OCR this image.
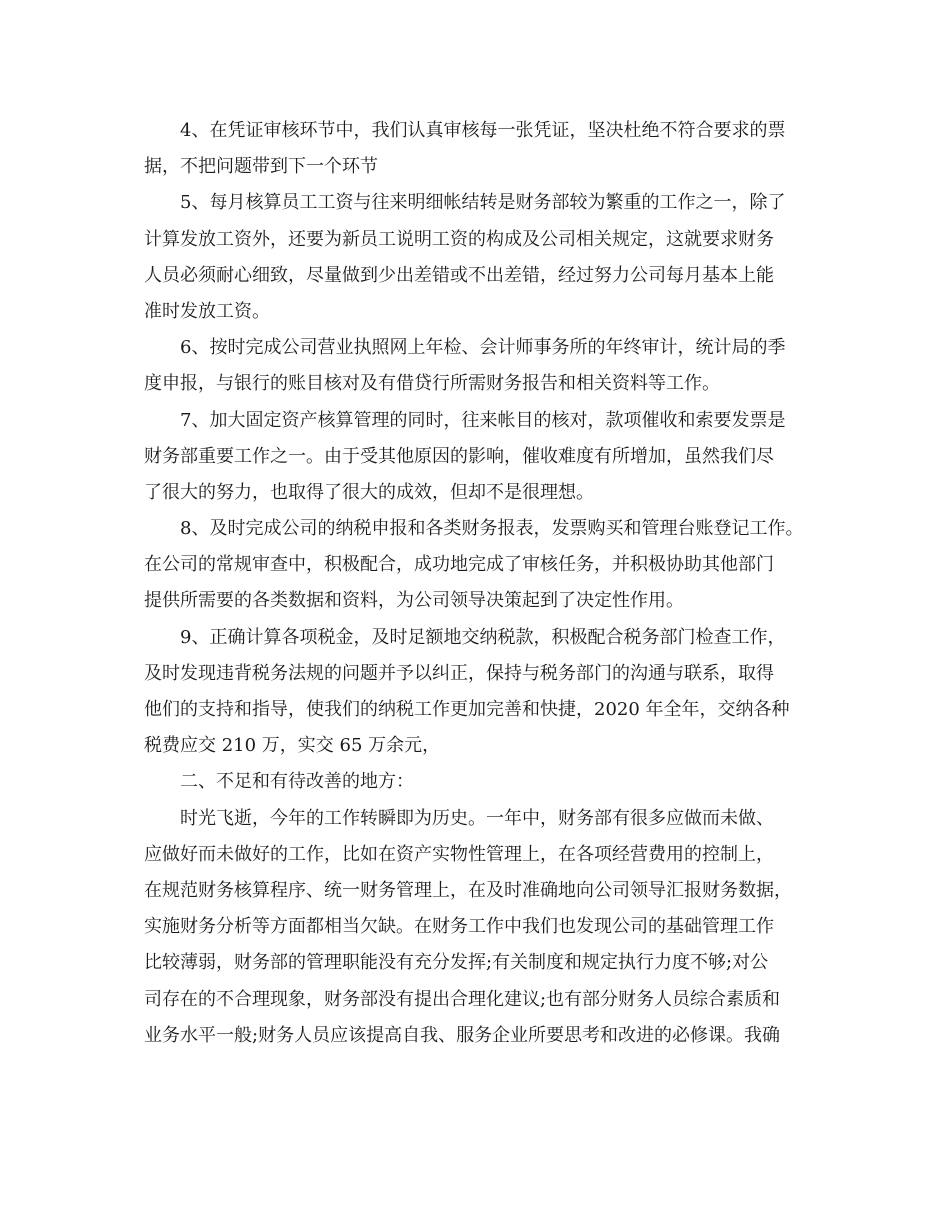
4、在凭证审核环节中，我们认真审核每一张凭证，坚决杜绝不符合要求的票
据，不把问题带到下一个环节
5、每月核算员工工资与往来明细帐结转是财务部较为繁重的工作之一，除了
计算发放工资外，还要为新员工说明工资的构成及公司相关规定，这就要求财务
人员必须耐心细致，尽量做到少出差错或不出差错，经过努力公司每月基本上能
准时发放工资。
6、按时完成公司营业执照网上年检、会计师事务所的年终审计，统计局的季
度申报，与银行的账目核对及有借贷行所需财务报告和相关资料等工作。
7、加大固定资产核算管理的同时，往来帐目的核对，款项催收和索要发票是
财务部重要工作之一。由于受其他原因的影响，催收难度有所增加，虽然我们尽
了很大的努力，也取得了很大的成效，但却不是很理想。
8、及时完成公司的纳税申报和各类财务报表，发票购买和管理台账登记工作。
在公司的常规审查中，积极配合，成功地完成了审核任务，并积极协助其他部门
提供所需要的各类数据和资料，为公司领导决策起到了决定性作用。
9、正确计算各项税金，及时足额地交纳税款，积极配合税务部门检查工作，
及时发现违背税务法规的问题并予以纠正，保持与税务部门的沟通与联系，取得
他们的支持和指导，使我们的纳税工作更加完善和快捷，2020 年全年，交纳各种
税费应交 210 万，实交 65 万余元，
二、不足和有待改善的地方：
时光飞逝，今年的工作转瞬即为历史。一年中，财务部有很多应做而未做、
应做好而未做好的工作，比如在资产实物性管理上，在各项经营费用的控制上，
在规范财务核算程序、统一财务管理上，在及时准确地向公司领导汇报财务数据，
实施财务分析等方面都相当欠缺。在财务工作中我们也发现公司的基础管理工作
比较薄弱，财务部的管理职能没有充分发挥;有关制度和规定执行力度不够;对公
司存在的不合理现象，财务部没有提出合理化建议;也有部分财务人员综合素质和
业务水平一般;财务人员应该提高自我、服务企业所要思考和改进的必修课。我确
